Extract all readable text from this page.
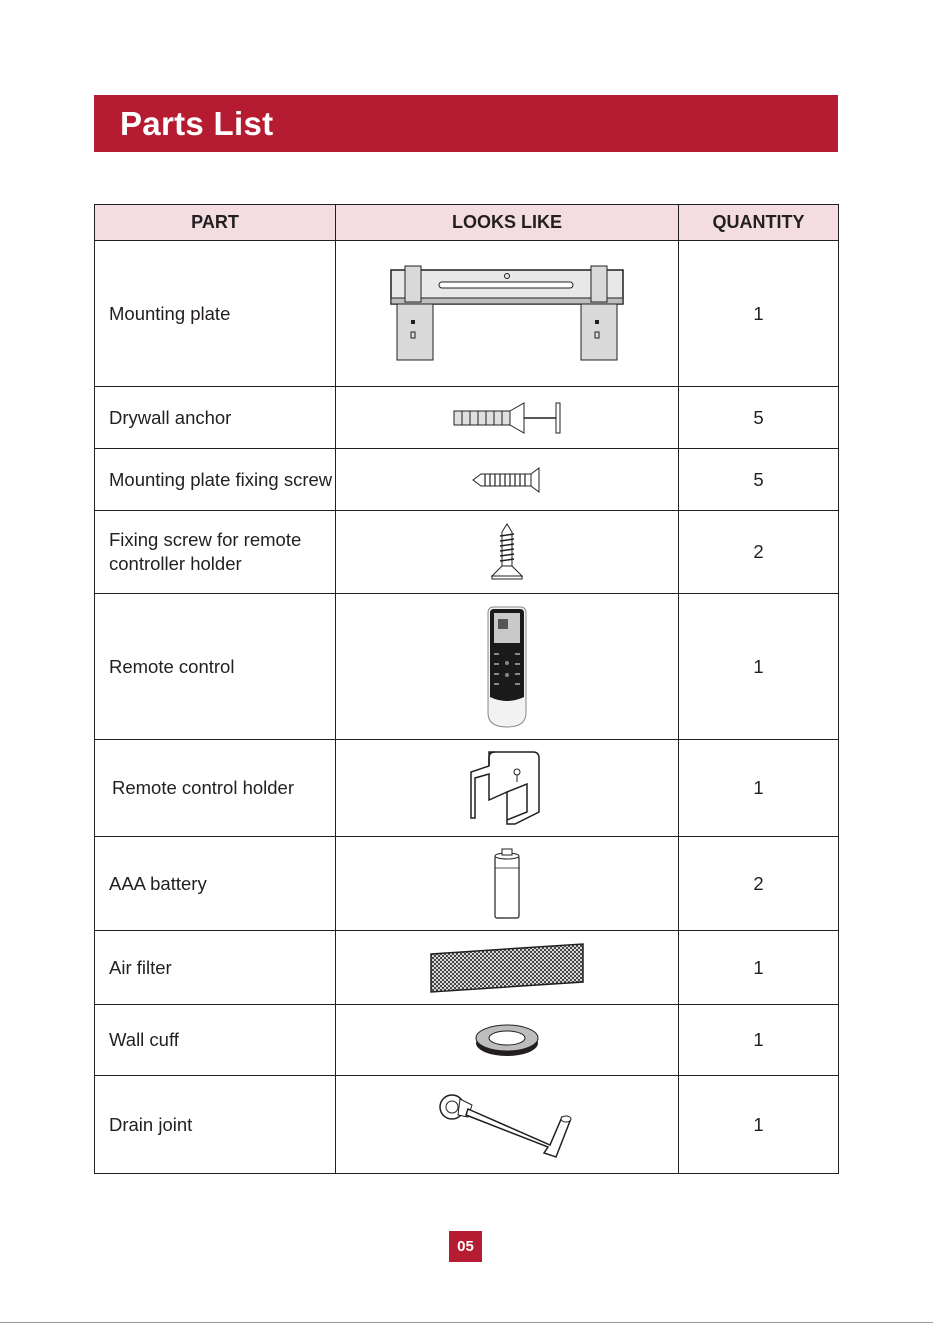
Parts List
PART	LOOKS LIKE	QUANTITY
Mounting plate		1
Drywall anchor		5
Mounting plate fixing screw		5
Fixing screw for remote controller holder		2
Remote control		1
Remote control holder		1
AAA battery		2
Air filter		1
Wall cuff		1
Drain joint		1
05
